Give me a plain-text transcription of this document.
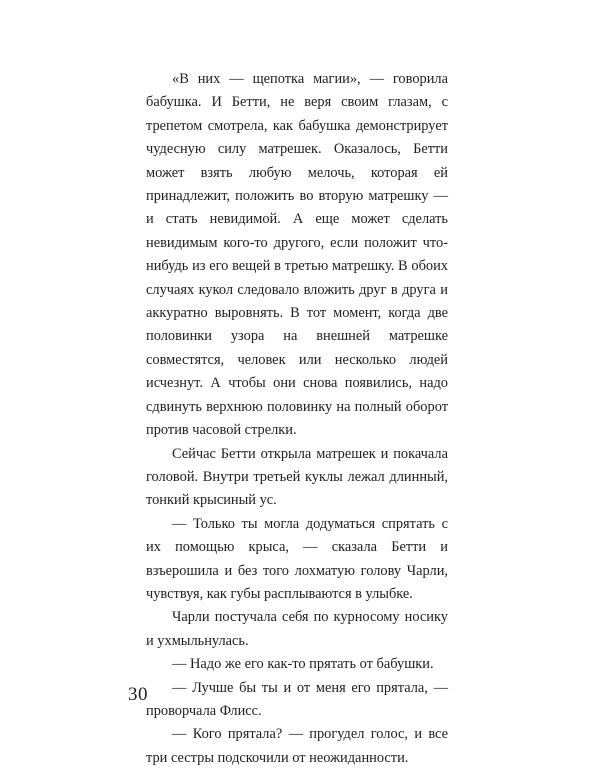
«В них — щепотка магии», — говорила бабушка. И Бетти, не веря своим глазам, с трепетом смотрела, как бабушка демонстрирует чудесную силу матрешек. Оказалось, Бетти может взять любую мелочь, которая ей принадлежит, положить во вторую матрешку — и стать невидимой. А еще может сделать невидимым кого-то другого, если положит что-нибудь из его вещей в третью матрешку. В обоих случаях кукол следовало вложить друг в друга и аккуратно выровнять. В тот момент, когда две половинки узора на внешней матрешке совместятся, человек или несколько людей исчезнут. А чтобы они снова появились, надо сдвинуть верхнюю половинку на полный оборот против часовой стрелки.

Сейчас Бетти открыла матрешек и покачала головой. Внутри третьей куклы лежал длинный, тонкий крысиный ус.

— Только ты могла додуматься спрятать с их помощью крыса, — сказала Бетти и взъерошила и без того лохматую голову Чарли, чувствуя, как губы расплываются в улыбке.

Чарли постучала себя по курносому носику и ухмыльнулась.

— Надо же его как-то прятать от бабушки.

— Лучше бы ты и от меня его прятала, — проворчала Флисс.

— Кого прятала? — прогудел голос, и все три сестры подскочили от неожиданности.

30
